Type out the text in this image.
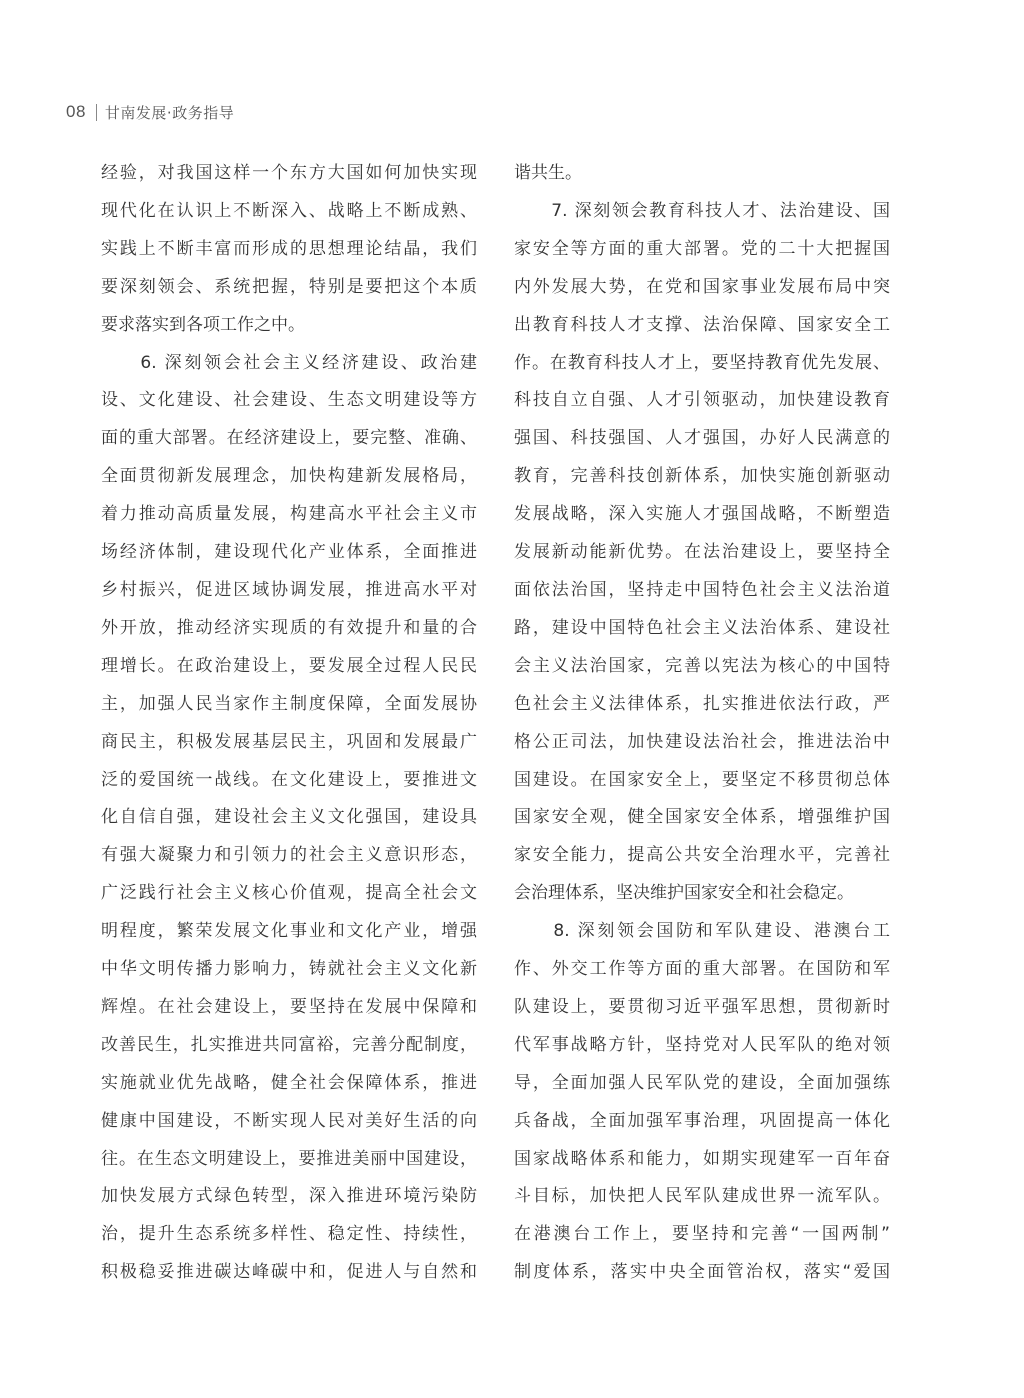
08 甘南发展·政务指导

经验，对我国这样一个东方大国如何加快实现

现代化在认识上不断深入、战略上不断成熟、

实践上不断丰富而形成的思想理论结晶，我们

要深刻领会、系统把握，特别是要把这个本质

要求落实到各项工作之中。

　　6. 深刻领会社会主义经济建设、政治建

设、文化建设、社会建设、生态文明建设等方

面的重大部署。在经济建设上，要完整、准确、

全面贯彻新发展理念，加快构建新发展格局，

着力推动高质量发展，构建高水平社会主义市

场经济体制，建设现代化产业体系，全面推进

乡村振兴，促进区域协调发展，推进高水平对

外开放，推动经济实现质的有效提升和量的合

理增长。在政治建设上，要发展全过程人民民

主，加强人民当家作主制度保障，全面发展协

商民主，积极发展基层民主，巩固和发展最广

泛的爱国统一战线。在文化建设上，要推进文

化自信自强，建设社会主义文化强国，建设具

有强大凝聚力和引领力的社会主义意识形态，

广泛践行社会主义核心价值观，提高全社会文

明程度，繁荣发展文化事业和文化产业，增强

中华文明传播力影响力，铸就社会主义文化新

辉煌。在社会建设上，要坚持在发展中保障和

改善民生，扎实推进共同富裕，完善分配制度，

实施就业优先战略，健全社会保障体系，推进

健康中国建设，不断实现人民对美好生活的向

往。在生态文明建设上，要推进美丽中国建设，

加快发展方式绿色转型，深入推进环境污染防

治，提升生态系统多样性、稳定性、持续性，

积极稳妥推进碳达峰碳中和，促进人与自然和

谐共生。

　　7. 深刻领会教育科技人才、法治建设、国

家安全等方面的重大部署。党的二十大把握国

内外发展大势，在党和国家事业发展布局中突

出教育科技人才支撑、法治保障、国家安全工

作。在教育科技人才上，要坚持教育优先发展、

科技自立自强、人才引领驱动，加快建设教育

强国、科技强国、人才强国，办好人民满意的

教育，完善科技创新体系，加快实施创新驱动

发展战略，深入实施人才强国战略，不断塑造

发展新动能新优势。在法治建设上，要坚持全

面依法治国，坚持走中国特色社会主义法治道

路，建设中国特色社会主义法治体系、建设社

会主义法治国家，完善以宪法为核心的中国特

色社会主义法律体系，扎实推进依法行政，严

格公正司法，加快建设法治社会，推进法治中

国建设。在国家安全上，要坚定不移贯彻总体

国家安全观，健全国家安全体系，增强维护国

家安全能力，提高公共安全治理水平，完善社

会治理体系，坚决维护国家安全和社会稳定。

　　8. 深刻领会国防和军队建设、港澳台工

作、外交工作等方面的重大部署。在国防和军

队建设上，要贯彻习近平强军思想，贯彻新时

代军事战略方针，坚持党对人民军队的绝对领

导，全面加强人民军队党的建设，全面加强练

兵备战，全面加强军事治理，巩固提高一体化

国家战略体系和能力，如期实现建军一百年奋

斗目标，加快把人民军队建成世界一流军队。

在港澳台工作上，要坚持和完善“一国两制”

制度体系，落实中央全面管治权，落实“爱国
